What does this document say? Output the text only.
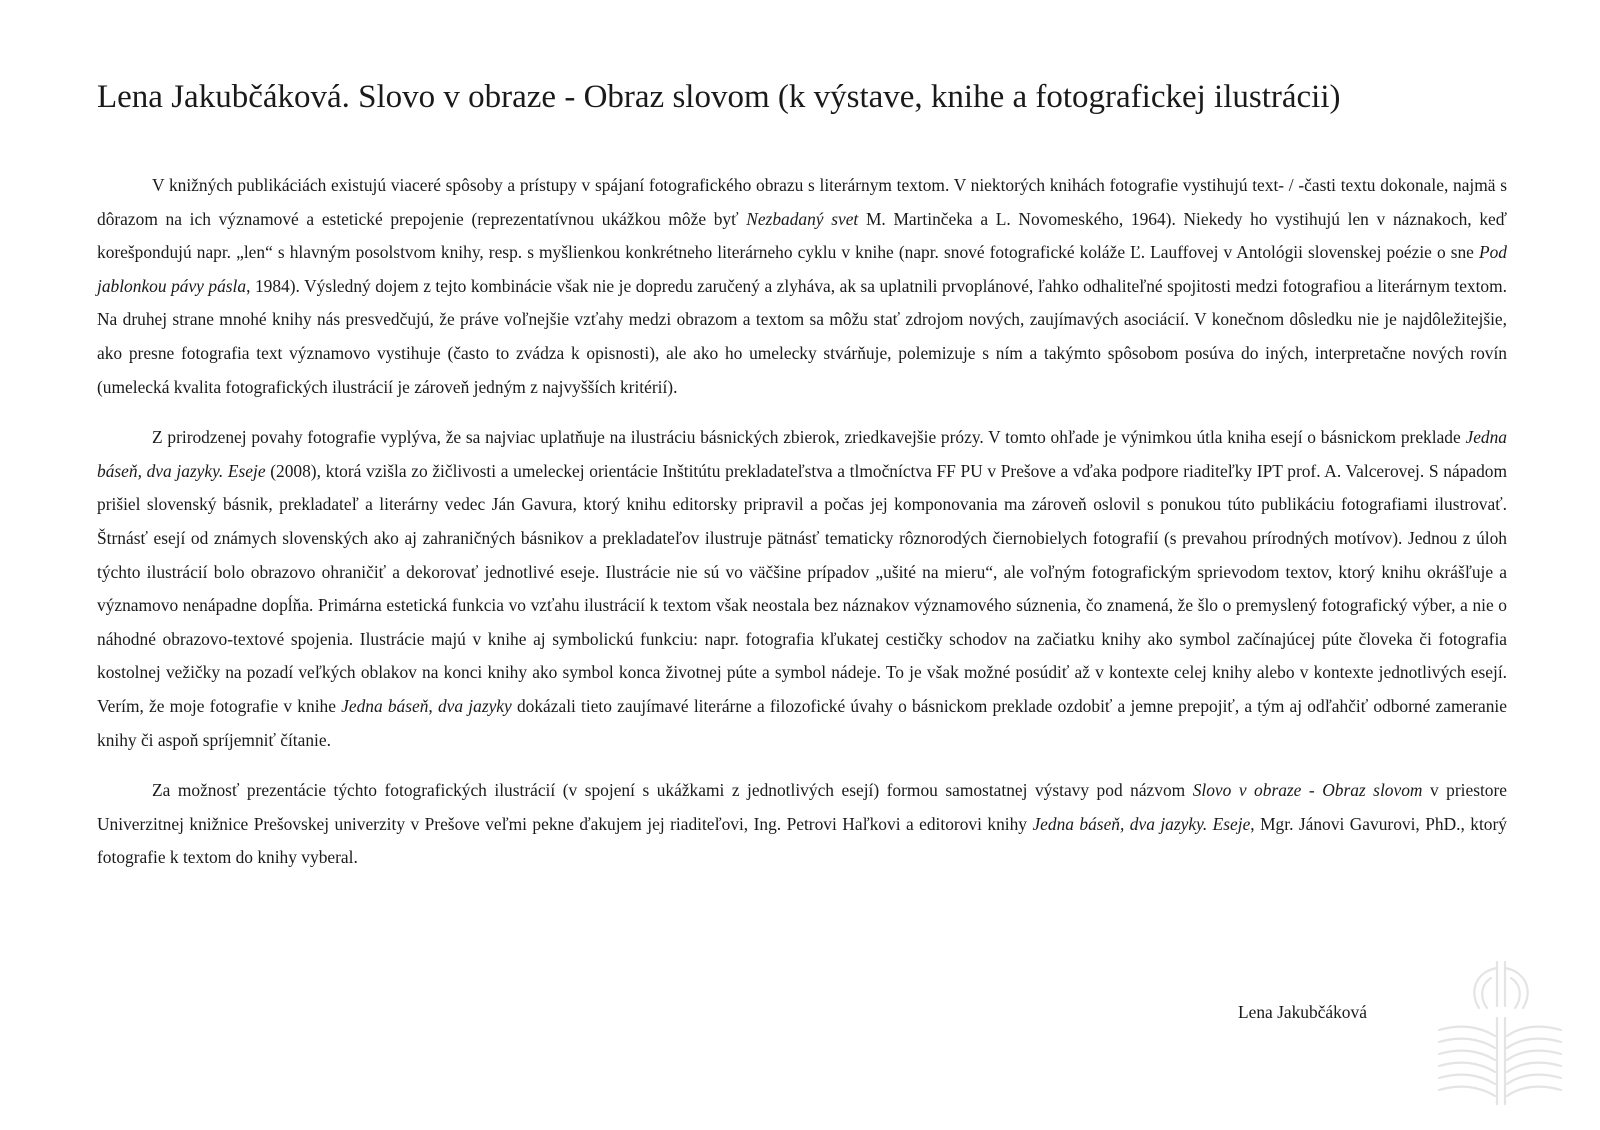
Lena Jakubčáková. Slovo v obraze - Obraz slovom (k výstave, knihe a fotografickej ilustrácii)

V knižných publikáciách existujú viaceré spôsoby a prístupy v spájaní fotografického obrazu s literárnym textom. V niektorých knihách fotografie vystihujú text- / -časti textu dokonale, najmä s dôrazom na ich významové a estetické prepojenie (reprezentatívnou ukážkou môže byť Nezbadaný svet M. Martinčeka a L. Novomeského, 1964). Niekedy ho vystihujú len v náznakoch, keď korešpondujú napr. „len“ s hlavným posolstvom knihy, resp. s myšlienkou konkrétneho literárneho cyklu v knihe (napr. snové fotografické koláže Ľ. Lauffovej v Antológii slovenskej poézie o sne Pod jablonkou pávy pásla, 1984). Výsledný dojem z tejto kombinácie však nie je dopredu zaručený a zlyháva, ak sa uplatnili prvoplánové, ľahko odhaliteľné spojitosti medzi fotografiou a literárnym textom. Na druhej strane mnohé knihy nás presvedčujú, že práve voľnejšie vzťahy medzi obrazom a textom sa môžu stať zdrojom nových, zaujímavých asociácií. V konečnom dôsledku nie je najdôležitejšie, ako presne fotografia text významovo vystihuje (často to zvádza k opisnosti), ale ako ho umelecky stvárňuje, polemizuje s ním a takýmto spôsobom posúva do iných, interpretačne nových rovín (umelecká kvalita fotografických ilustrácií je zároveň jedným z najvyšších kritérií).

Z prirodzenej povahy fotografie vyplýva, že sa najviac uplatňuje na ilustráciu básnických zbierok, zriedkavejšie prózy. V tomto ohľade je výnimkou útla kniha esejí o básnickom preklade Jedna báseň, dva jazyky. Eseje (2008), ktorá vzišla zo žičlivosti a umeleckej orientácie Inštitútu prekladateľstva a tlmočníctva FF PU v Prešove a vďaka podpore riaditeľky IPT prof. A. Valcerovej. S nápadom prišiel slovenský básnik, prekladateľ a literárny vedec Ján Gavura, ktorý knihu editorsky pripravil a počas jej komponovania ma zároveň oslovil s ponukou túto publikáciu fotografiami ilustrovať. Štrnásť esejí od známych slovenských ako aj zahraničných básnikov a prekladateľov ilustruje pätnásť tematicky rôznorodých čiernobielych fotografií (s prevahou prírodných motívov). Jednou z úloh týchto ilustrácií bolo obrazovo ohraničiť a dekorovať jednotlivé eseje. Ilustrácie nie sú vo väčšine prípadov „ušité na mieru“, ale voľným fotografickým sprievodom textov, ktorý knihu okrášľuje a významovo nenápadne dopĺňa. Primárna estetická funkcia vo vzťahu ilustrácií k textom však neostala bez náznakov významového súznenia, čo znamená, že šlo o premyslený fotografický výber, a nie o náhodné obrazovo-textové spojenia. Ilustrácie majú v knihe aj symbolickú funkciu: napr. fotografia kľukatej cestičky schodov na začiatku knihy ako symbol začínajúcej púte človeka či fotografia kostolnej vežičky na pozadí veľkých oblakov na konci knihy ako symbol konca životnej púte a symbol nádeje. To je však možné posúdiť až v kontexte celej knihy alebo v kontexte jednotlivých esejí. Verím, že moje fotografie v knihe Jedna báseň, dva jazyky dokázali tieto zaujímavé literárne a filozofické úvahy o básnickom preklade ozdobiť a jemne prepojiť, a tým aj odľahčiť odborné zameranie knihy či aspoň spríjemniť čítanie.

Za možnosť prezentácie týchto fotografických ilustrácií (v spojení s ukážkami z jednotlivých esejí) formou samostatnej výstavy pod názvom Slovo v obraze - Obraz slovom v priestore Univerzitnej knižnice Prešovskej univerzity v Prešove veľmi pekne ďakujem jej riaditeľovi, Ing. Petrovi Haľkovi a editorovi knihy Jedna báseň, dva jazyky. Eseje, Mgr. Jánovi Gavurovi, PhD., ktorý fotografie k textom do knihy vyberal.

Lena Jakubčáková
